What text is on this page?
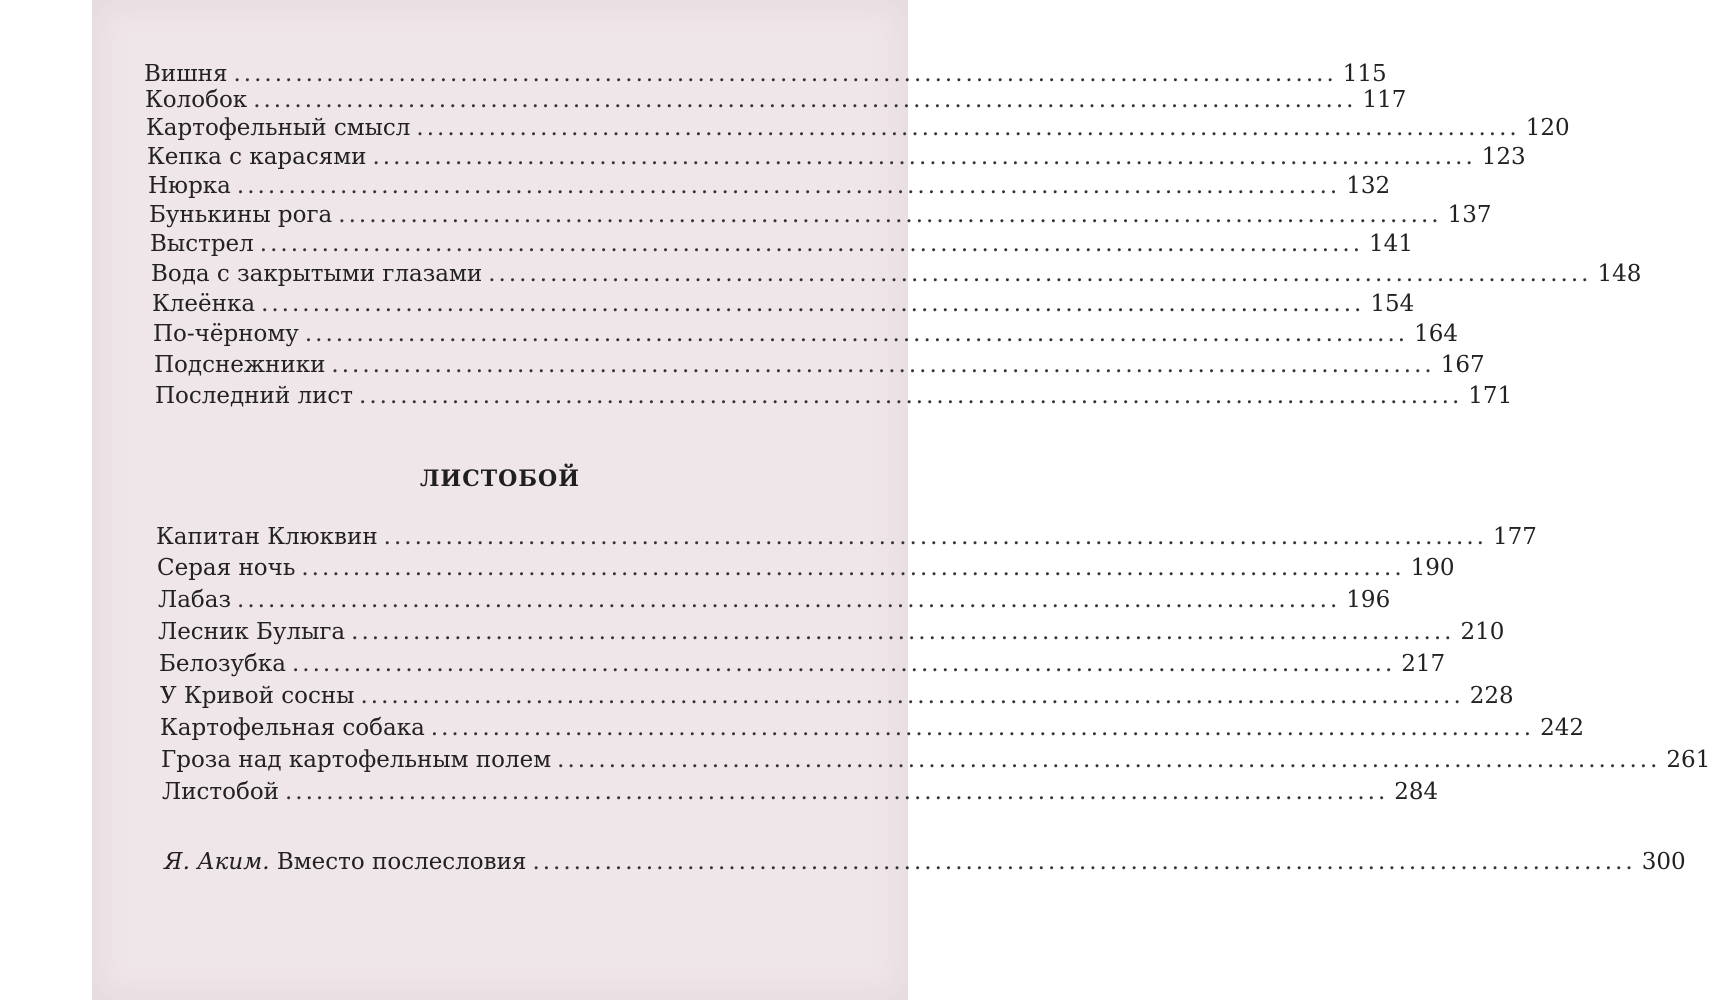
Вишня ........................................................................................................... 115
Колобок ........................................................................................................... 117
Картофельный смысл ........................................................................................................... 120
Кепка с карасями ........................................................................................................... 123
Нюрка ........................................................................................................... 132
Бунькины рога ........................................................................................................... 137
Выстрел ........................................................................................................... 141
Вода с закрытыми глазами ........................................................................................................... 148
Клеёнка ........................................................................................................... 154
По-чёрному ........................................................................................................... 164
Подснежники ........................................................................................................... 167
Последний лист ........................................................................................................... 171
ЛИСТОБОЙ
Капитан Клюквин ........................................................................................................... 177
Серая ночь ........................................................................................................... 190
Лабаз ........................................................................................................... 196
Лесник Булыга ........................................................................................................... 210
Белозубка ........................................................................................................... 217
У Кривой сосны ........................................................................................................... 228
Картофельная собака ........................................................................................................... 242
Гроза над картофельным полем ........................................................................................................... 261
Листобой ........................................................................................................... 284
Я. Аким. Вместо послесловия ........................................................................................................... 300
